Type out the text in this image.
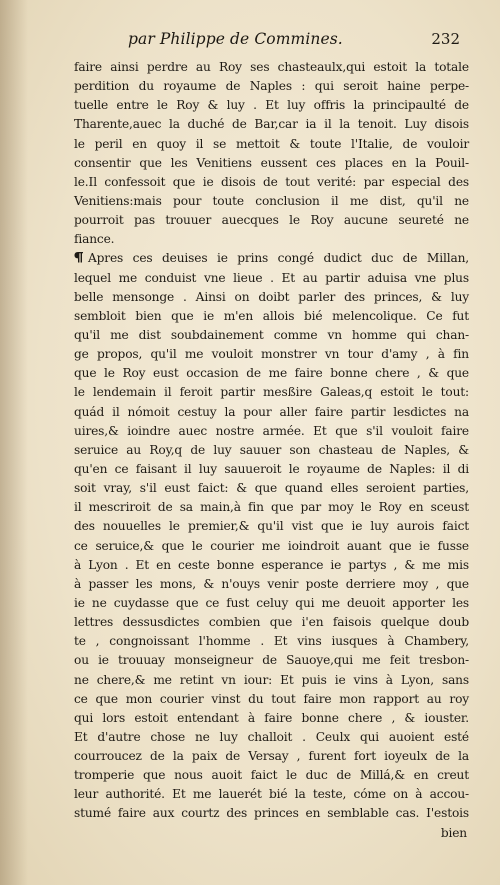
par Philippe de Commines.	232
faire ainsi perdre au Roy ses chasteaulx,qui estoit la totale
perdition du royaume de Naples : qui seroit haine perpe-
tuelle entre le Roy & luy . Et luy offris la principaulté de
Tharente,auec la duché de Bar,car ia il la tenoit. Luy disois
le peril en quoy il se mettoit & toute l'Italie, de vouloir
consentir que les Venitiens eussent ces places en la Pouil-
le.Il confessoit que ie disois de tout verité: par especial des
Venitiens:mais pour toute conclusion il me dist, qu'il ne
pourroit pas trouuer auecques le Roy aucune seureté ne
fiance.
Apres ces deuises ie prins congé dudict duc de Millan,
lequel me conduist vne lieue . Et au partir aduisa vne plus
belle mensonge . Ainsi on doibt parler des princes, & luy
sembloit bien que ie m'en allois bié melencolique. Ce fut
qu'il me dist soubdainement comme vn homme qui chan-
ge propos, qu'il me vouloit monstrer vn tour d'amy , à fin
que le Roy eust occasion de me faire bonne chere , & que
le lendemain il feroit partir mesßire Galeas,q estoit le tout:
quád il nómoit cestuy la pour aller faire partir lesdictes na
uires,& ioindre auec nostre armée. Et que s'il vouloit faire
seruice au Roy,q de luy sauuer son chasteau de Naples, &
qu'en ce faisant il luy sauueroit le royaume de Naples: il di
soit vray, s'il eust faict: & que quand elles seroient parties,
il mescriroit de sa main,à fin que par moy le Roy en sceust
des nouuelles le premier,& qu'il vist que ie luy aurois faict
ce seruice,& que le courier me ioindroit auant que ie fusse
à Lyon . Et en ceste bonne esperance ie partys , & me mis
à passer les mons, & n'ouys venir poste derriere moy , que
ie ne cuydasse que ce fust celuy qui me deuoit apporter les
lettres dessusdictes combien que i'en faisois quelque doub
te , congnoissant l'homme . Et vins iusques à Chambery,
ou ie trouuay monseigneur de Sauoye,qui me feit tresbon-
ne chere,& me retint vn iour: Et puis ie vins à Lyon, sans
ce que mon courier vinst du tout faire mon rapport au roy
qui lors estoit entendant à faire bonne chere , & iouster.
Et d'autre chose ne luy challoit . Ceulx qui auoient esté
courroucez de la paix de Versay , furent fort ioyeulx de la
tromperie que nous auoit faict le duc de Millá,& en creut
leur authorité. Et me lauerét bié la teste, cóme on à accou-
stumé faire aux courtz des princes en semblable cas. I'estois
bien
